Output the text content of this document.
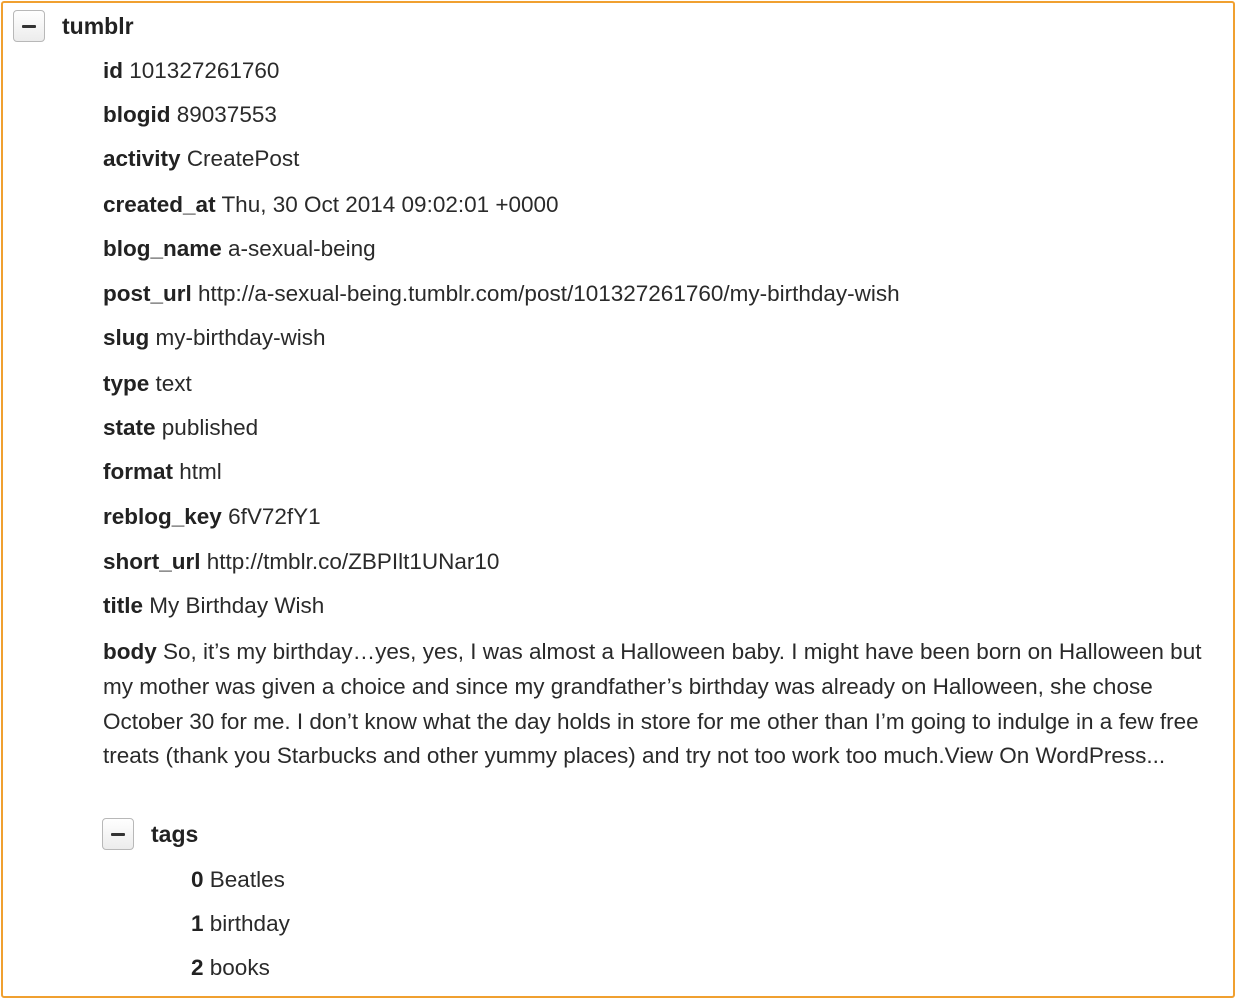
tumblr
id 101327261760
blogid 89037553
activity CreatePost
created_at Thu, 30 Oct 2014 09:02:01 +0000
blog_name a-sexual-being
post_url http://a-sexual-being.tumblr.com/post/101327261760/my-birthday-wish
slug my-birthday-wish
type text
state published
format html
reblog_key 6fV72fY1
short_url http://tmblr.co/ZBPIlt1UNar10
title My Birthday Wish
body So, it’s my birthday…yes, yes, I was almost a Halloween baby. I might have been born on Halloween but my mother was given a choice and since my grandfather’s birthday was already on Halloween, she chose October 30 for me. I don’t know what the day holds in store for me other than I’m going to indulge in a few free treats (thank you Starbucks and other yummy places) and try not too work too much.View On WordPress...
tags
0 Beatles
1 birthday
2 books
